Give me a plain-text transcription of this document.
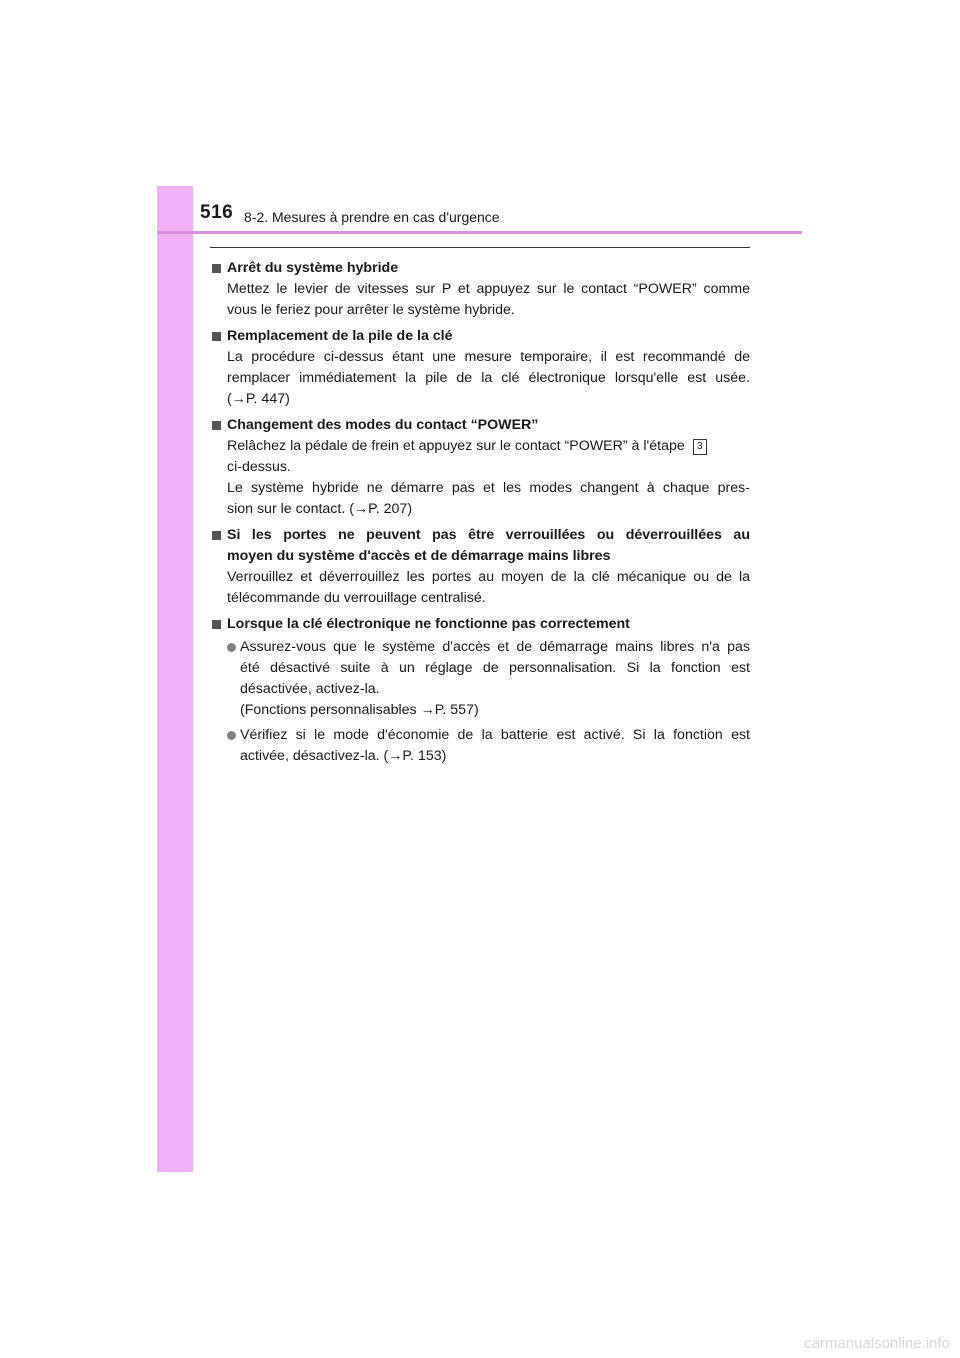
516 8-2. Mesures à prendre en cas d'urgence
Arrêt du système hybride
Mettez le levier de vitesses sur P et appuyez sur le contact “POWER” comme
vous le feriez pour arrêter le système hybride.
Remplacement de la pile de la clé
La procédure ci-dessus étant une mesure temporaire, il est recommandé de
remplacer immédiatement la pile de la clé électronique lorsqu'elle est usée.
(→P. 447)
Changement des modes du contact “POWER”
Relâchez la pédale de frein et appuyez sur le contact “POWER” à l'étape 3
ci-dessus.
Le système hybride ne démarre pas et les modes changent à chaque pres-
sion sur le contact. (→P. 207)
Si les portes ne peuvent pas être verrouillées ou déverrouillées au
moyen du système d'accès et de démarrage mains libres
Verrouillez et déverrouillez les portes au moyen de la clé mécanique ou de la
télécommande du verrouillage centralisé.
Lorsque la clé électronique ne fonctionne pas correctement
Assurez-vous que le système d'accès et de démarrage mains libres n'a pas
été désactivé suite à un réglage de personnalisation. Si la fonction est
désactivée, activez-la.
(Fonctions personnalisables →P. 557)
Vérifiez si le mode d'économie de la batterie est activé. Si la fonction est
activée, désactivez-la. (→P. 153)
carmanualsonline.info
